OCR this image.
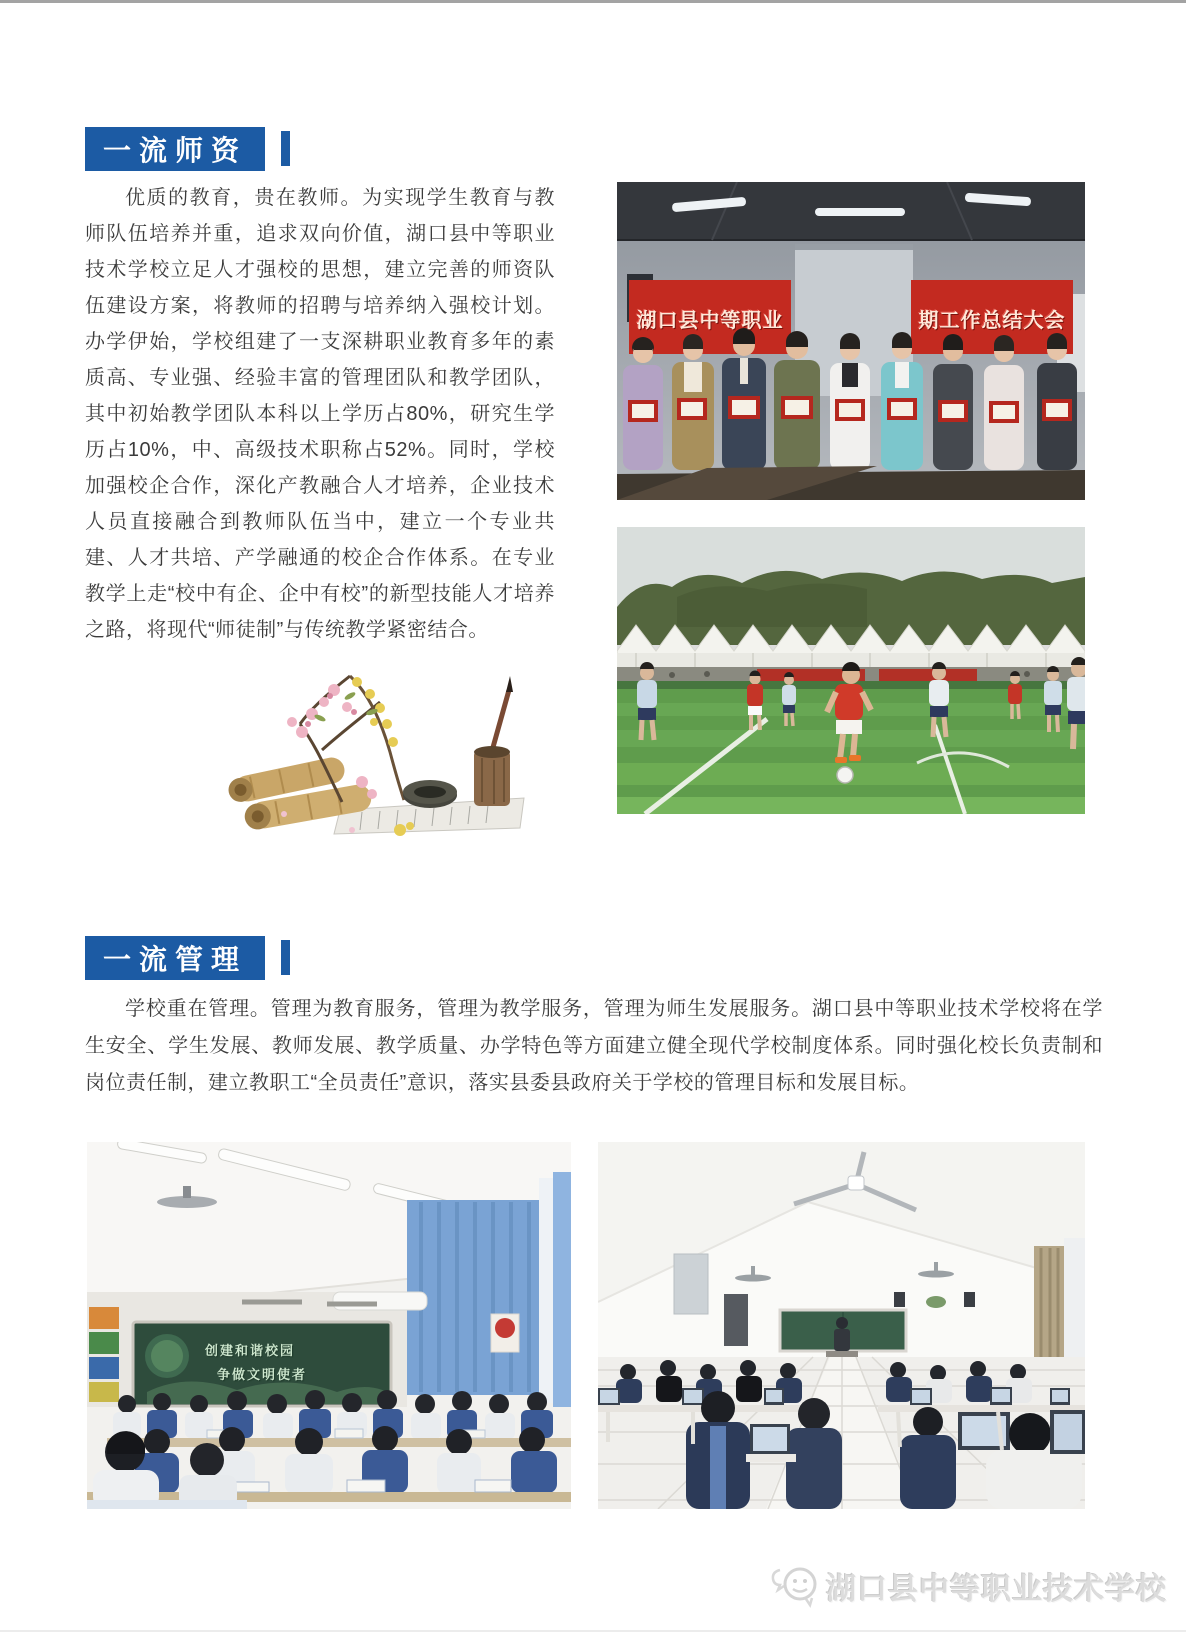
一流师资
优质的教育，贵在教师。为实现学生教育与教师队伍培养并重，追求双向价值，湖口县中等职业技术学校立足人才强校的思想，建立完善的师资队伍建设方案，将教师的招聘与培养纳入强校计划。办学伊始，学校组建了一支深耕职业教育多年的素质高、专业强、经验丰富的管理团队和教学团队，其中初始教学团队本科以上学历占80%，研究生学历占10%，中、高级技术职称占52%。同时，学校加强校企合作，深化产教融合人才培养，企业技术人员直接融合到教师队伍当中，建立一个专业共建、人才共培、产学融通的校企合作体系。在专业教学上走“校中有企、企中有校”的新型技能人才培养之路，将现代“师徒制”与传统教学紧密结合。
湖口县中等职业	期工作总结大会
一流管理
学校重在管理。管理为教育服务，管理为教学服务，管理为师生发展服务。湖口县中等职业技术学校将在学生安全、学生发展、教师发展、教学质量、办学特色等方面建立健全现代学校制度体系。同时强化校长负责制和岗位责任制，建立教职工“全员责任”意识，落实县委县政府关于学校的管理目标和发展目标。
创建和谐校园
争做文明使者
湖口县中等职业技术学校
